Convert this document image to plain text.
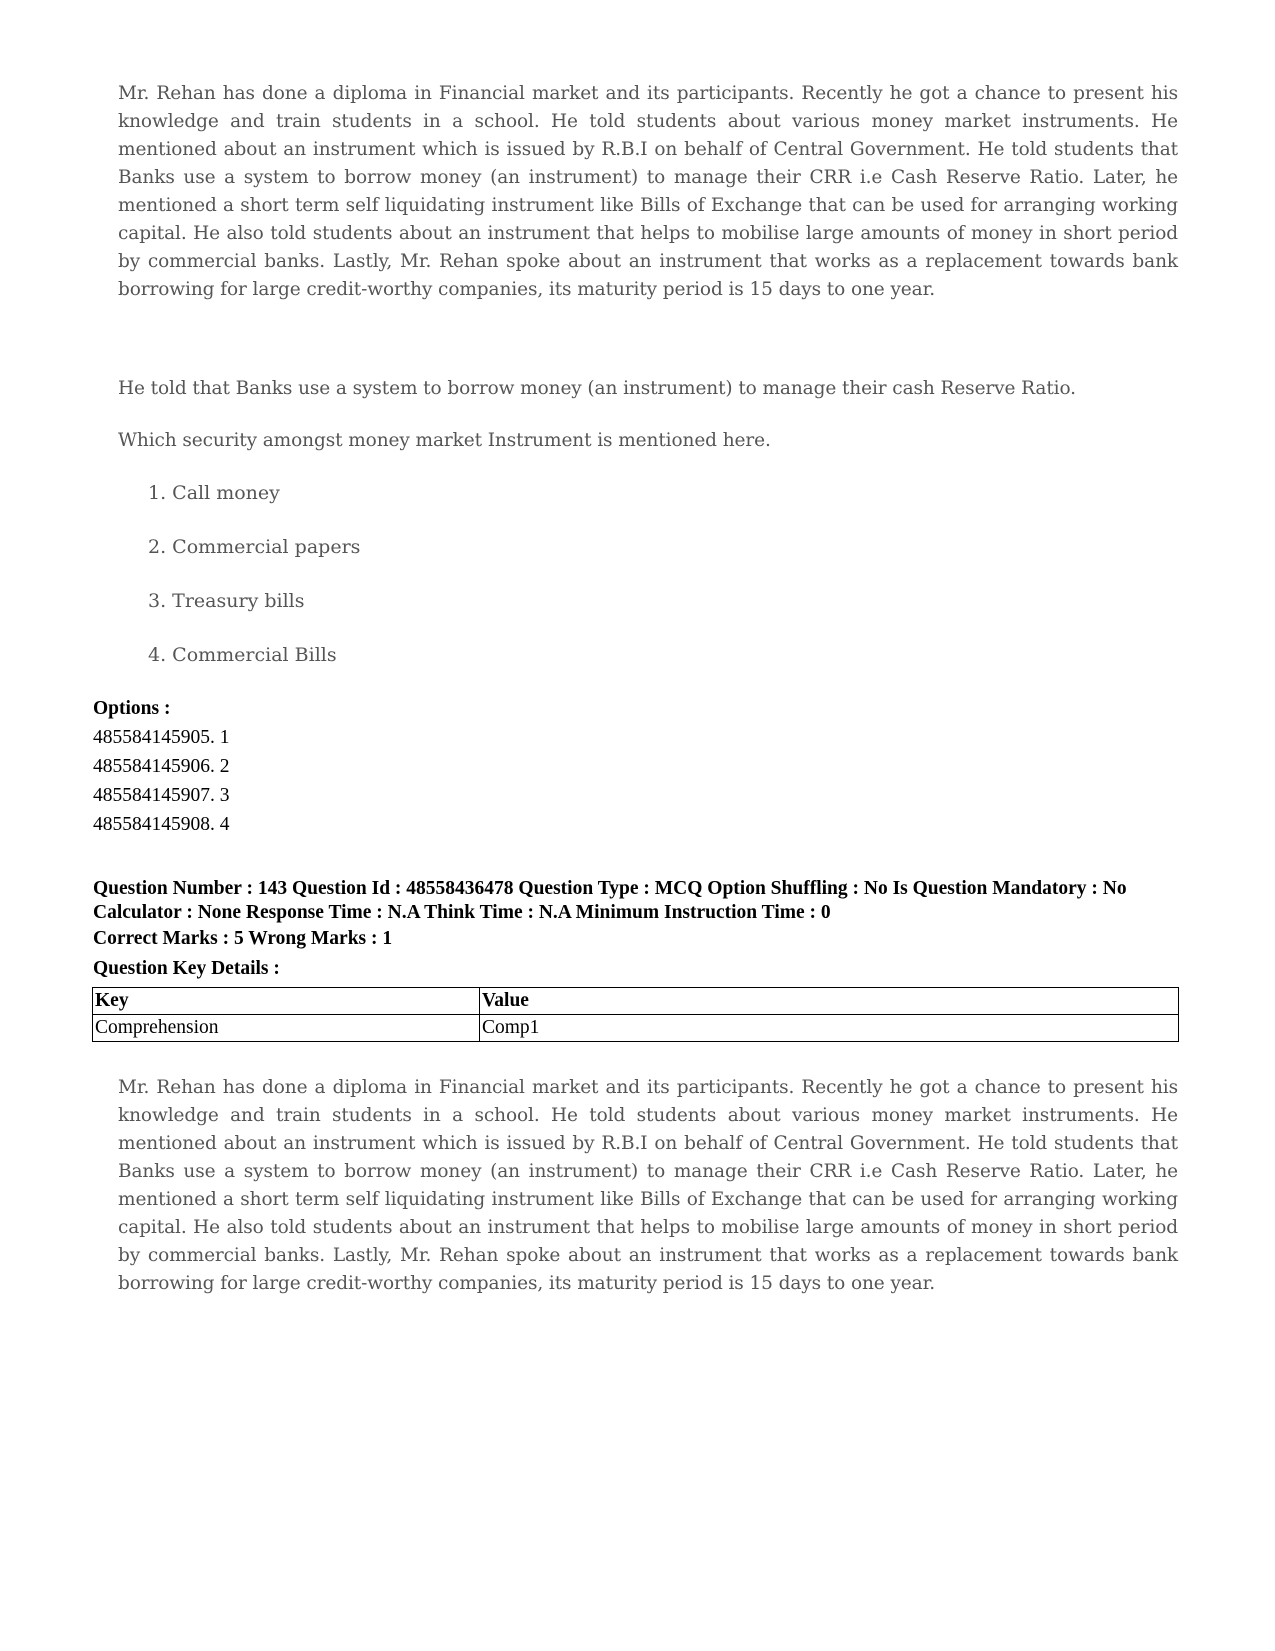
Mr. Rehan has done a diploma in Financial market and its participants. Recently he got a chance to present his knowledge and train students in a school. He told students about various money market instruments. He mentioned about an instrument which is issued by R.B.I on behalf of Central Government. He told students that Banks use a system to borrow money (an instrument) to manage their CRR i.e Cash Reserve Ratio. Later, he mentioned a short term self liquidating instrument like Bills of Exchange that can be used for arranging working capital. He also told students about an instrument that helps to mobilise large amounts of money in short period by commercial banks. Lastly, Mr. Rehan spoke about an instrument that works as a replacement towards bank borrowing for large credit-worthy companies, its maturity period is 15 days to one year.

He told that Banks use a system to borrow money (an instrument) to manage their cash Reserve Ratio.

Which security amongst money market Instrument is mentioned here.

1. Call money
2. Commercial papers
3. Treasury bills
4. Commercial Bills
Options :
485584145905. 1
485584145906. 2
485584145907. 3
485584145908. 4
Question Number : 143 Question Id : 48558436478 Question Type : MCQ Option Shuffling : No Is Question Mandatory : No Calculator : None Response Time : N.A Think Time : N.A Minimum Instruction Time : 0
Correct Marks : 5 Wrong Marks : 1
Question Key Details :
Key	Value
Comprehension	Comp1

Mr. Rehan has done a diploma in Financial market and its participants. Recently he got a chance to present his knowledge and train students in a school. He told students about various money market instruments. He mentioned about an instrument which is issued by R.B.I on behalf of Central Government. He told students that Banks use a system to borrow money (an instrument) to manage their CRR i.e Cash Reserve Ratio. Later, he mentioned a short term self liquidating instrument like Bills of Exchange that can be used for arranging working capital. He also told students about an instrument that helps to mobilise large amounts of money in short period by commercial banks. Lastly, Mr. Rehan spoke about an instrument that works as a replacement towards bank borrowing for large credit-worthy companies, its maturity period is 15 days to one year.
